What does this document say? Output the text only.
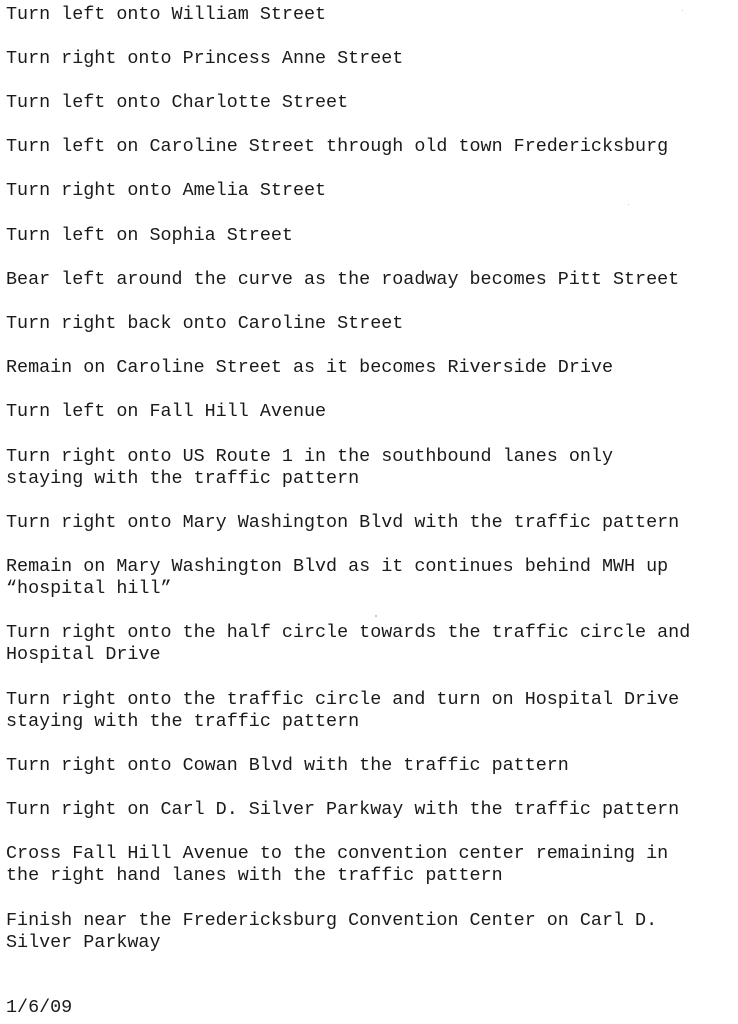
Turn left onto William Street

Turn right onto Princess Anne Street

Turn left onto Charlotte Street

Turn left on Caroline Street through old town Fredericksburg

Turn right onto Amelia Street

Turn left on Sophia Street

Bear left around the curve as the roadway becomes Pitt Street

Turn right back onto Caroline Street

Remain on Caroline Street as it becomes Riverside Drive

Turn left on Fall Hill Avenue

Turn right onto US Route 1 in the southbound lanes only
staying with the traffic pattern

Turn right onto Mary Washington Blvd with the traffic pattern

Remain on Mary Washington Blvd as it continues behind MWH up
“hospital hill”

Turn right onto the half circle towards the traffic circle and
Hospital Drive

Turn right onto the traffic circle and turn on Hospital Drive
staying with the traffic pattern

Turn right onto Cowan Blvd with the traffic pattern

Turn right on Carl D. Silver Parkway with the traffic pattern

Cross Fall Hill Avenue to the convention center remaining in
the right hand lanes with the traffic pattern

Finish near the Fredericksburg Convention Center on Carl D.
Silver Parkway

1/6/09
